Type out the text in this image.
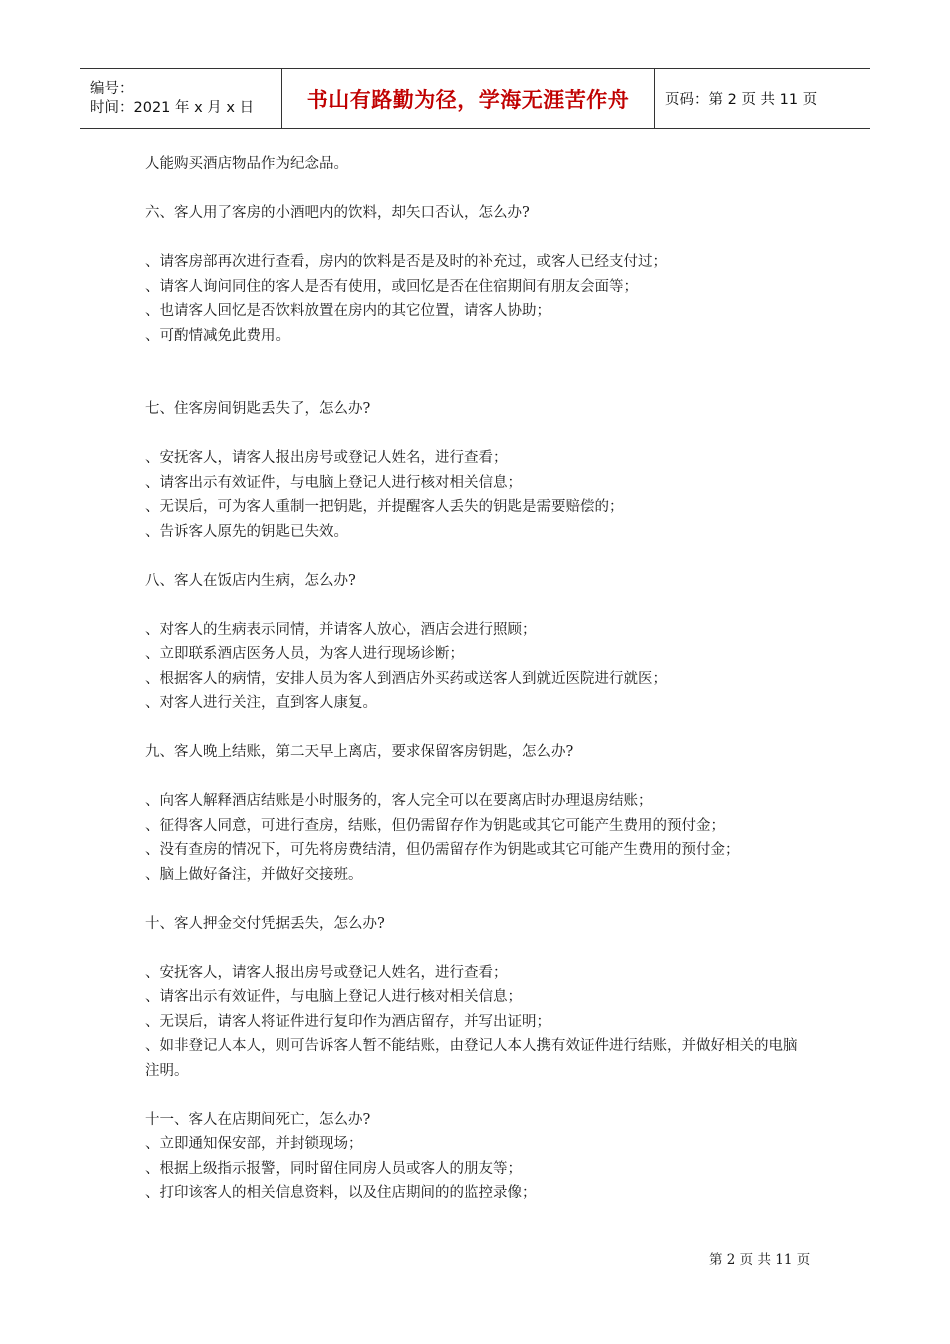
编号：
时间：2021 年 x 月 x 日	书山有路勤为径，学海无涯苦作舟 页码：第 2 页 共 11 页
人能购买酒店物品作为纪念品。
六、客人用了客房的小酒吧内的饮料，却矢口否认，怎么办?
、请客房部再次进行查看，房内的饮料是否是及时的补充过，或客人已经支付过；
、请客人询问同住的客人是否有使用，或回忆是否在住宿期间有朋友会面等；
、也请客人回忆是否饮料放置在房内的其它位置，请客人协助；
、可酌情减免此费用。
七、住客房间钥匙丢失了，怎么办?
、安抚客人，请客人报出房号或登记人姓名，进行查看；
、请客出示有效证件，与电脑上登记人进行核对相关信息；
、无误后，可为客人重制一把钥匙，并提醒客人丢失的钥匙是需要赔偿的；
、告诉客人原先的钥匙已失效。
八、客人在饭店内生病，怎么办?
、对客人的生病表示同情，并请客人放心，酒店会进行照顾；
、立即联系酒店医务人员，为客人进行现场诊断；
、根据客人的病情，安排人员为客人到酒店外买药或送客人到就近医院进行就医；
、对客人进行关注，直到客人康复。
九、客人晚上结账，第二天早上离店，要求保留客房钥匙，怎么办?
、向客人解释酒店结账是小时服务的，客人完全可以在要离店时办理退房结账；
、征得客人同意，可进行查房，结账，但仍需留存作为钥匙或其它可能产生费用的预付金；
、没有查房的情况下，可先将房费结清，但仍需留存作为钥匙或其它可能产生费用的预付金；
、脑上做好备注，并做好交接班。
十、客人押金交付凭据丢失，怎么办?
、安抚客人，请客人报出房号或登记人姓名，进行查看；
、请客出示有效证件，与电脑上登记人进行核对相关信息；
、无误后，请客人将证件进行复印作为酒店留存，并写出证明；
、如非登记人本人，则可告诉客人暂不能结账，由登记人本人携有效证件进行结账，并做好相关的电脑注明。
十一、客人在店期间死亡，怎么办?
、立即通知保安部，并封锁现场；
、根据上级指示报警，同时留住同房人员或客人的朋友等；
、打印该客人的相关信息资料，以及住店期间的的监控录像；
第 2 页 共 11 页
